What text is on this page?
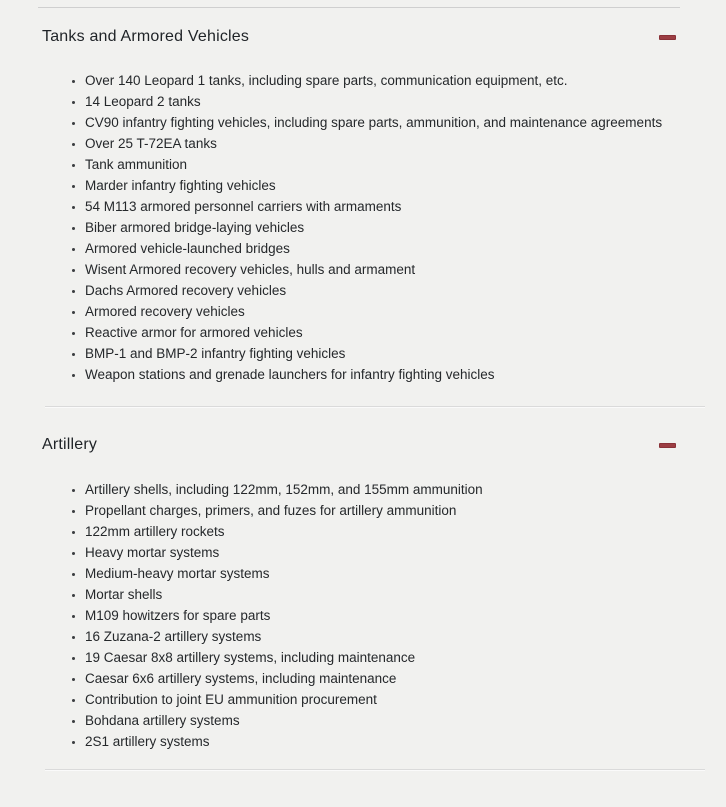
Tanks and Armored Vehicles
• Over 140 Leopard 1 tanks, including spare parts, communication equipment, etc.
• 14 Leopard 2 tanks
• CV90 infantry fighting vehicles, including spare parts, ammunition, and maintenance agreements
• Over 25 T-72EA tanks
• Tank ammunition
• Marder infantry fighting vehicles
• 54 M113 armored personnel carriers with armaments
• Biber armored bridge-laying vehicles
• Armored vehicle-launched bridges
• Wisent Armored recovery vehicles, hulls and armament
• Dachs Armored recovery vehicles
• Armored recovery vehicles
• Reactive armor for armored vehicles
• BMP-1 and BMP-2 infantry fighting vehicles
• Weapon stations and grenade launchers for infantry fighting vehicles
Artillery
• Artillery shells, including 122mm, 152mm, and 155mm ammunition
• Propellant charges, primers, and fuzes for artillery ammunition
• 122mm artillery rockets
• Heavy mortar systems
• Medium-heavy mortar systems
• Mortar shells
• M109 howitzers for spare parts
• 16 Zuzana-2 artillery systems
• 19 Caesar 8x8 artillery systems, including maintenance
• Caesar 6x6 artillery systems, including maintenance
• Contribution to joint EU ammunition procurement
• Bohdana artillery systems
• 2S1 artillery systems
